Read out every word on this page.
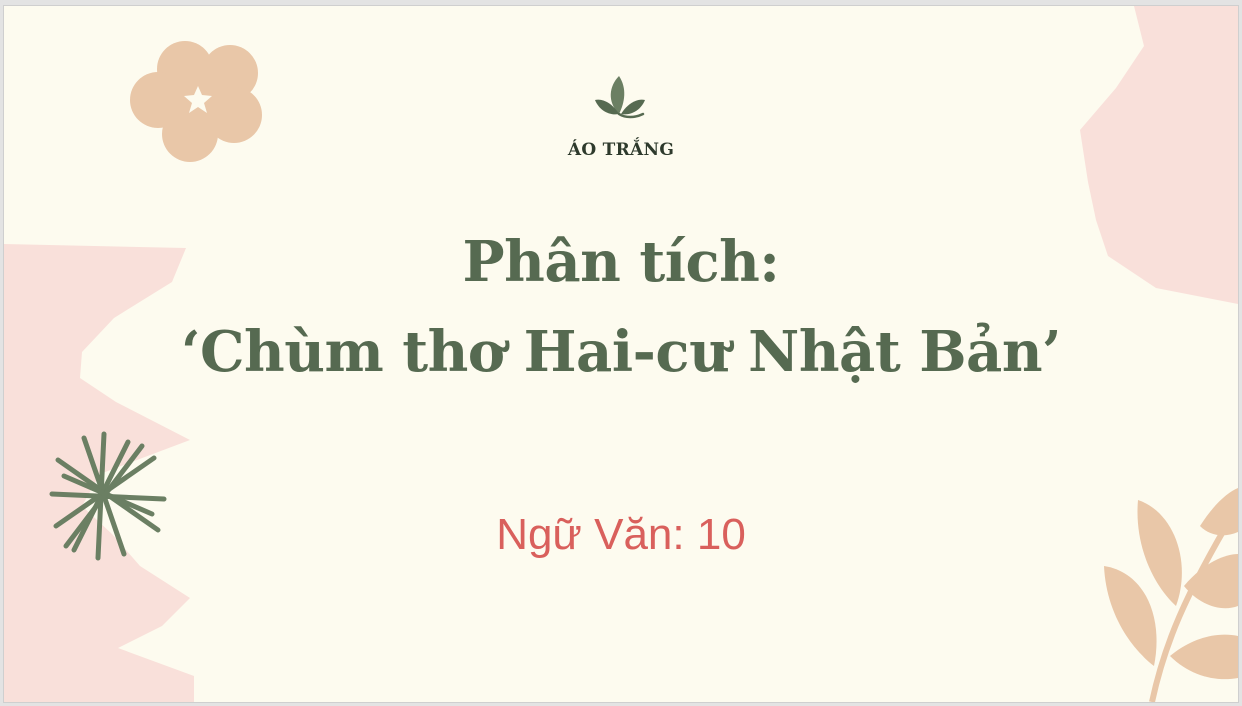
ÁO TRẮNG
Phân tích:
‘Chùm thơ Hai-cư Nhật Bản’
Ngữ Văn: 10
